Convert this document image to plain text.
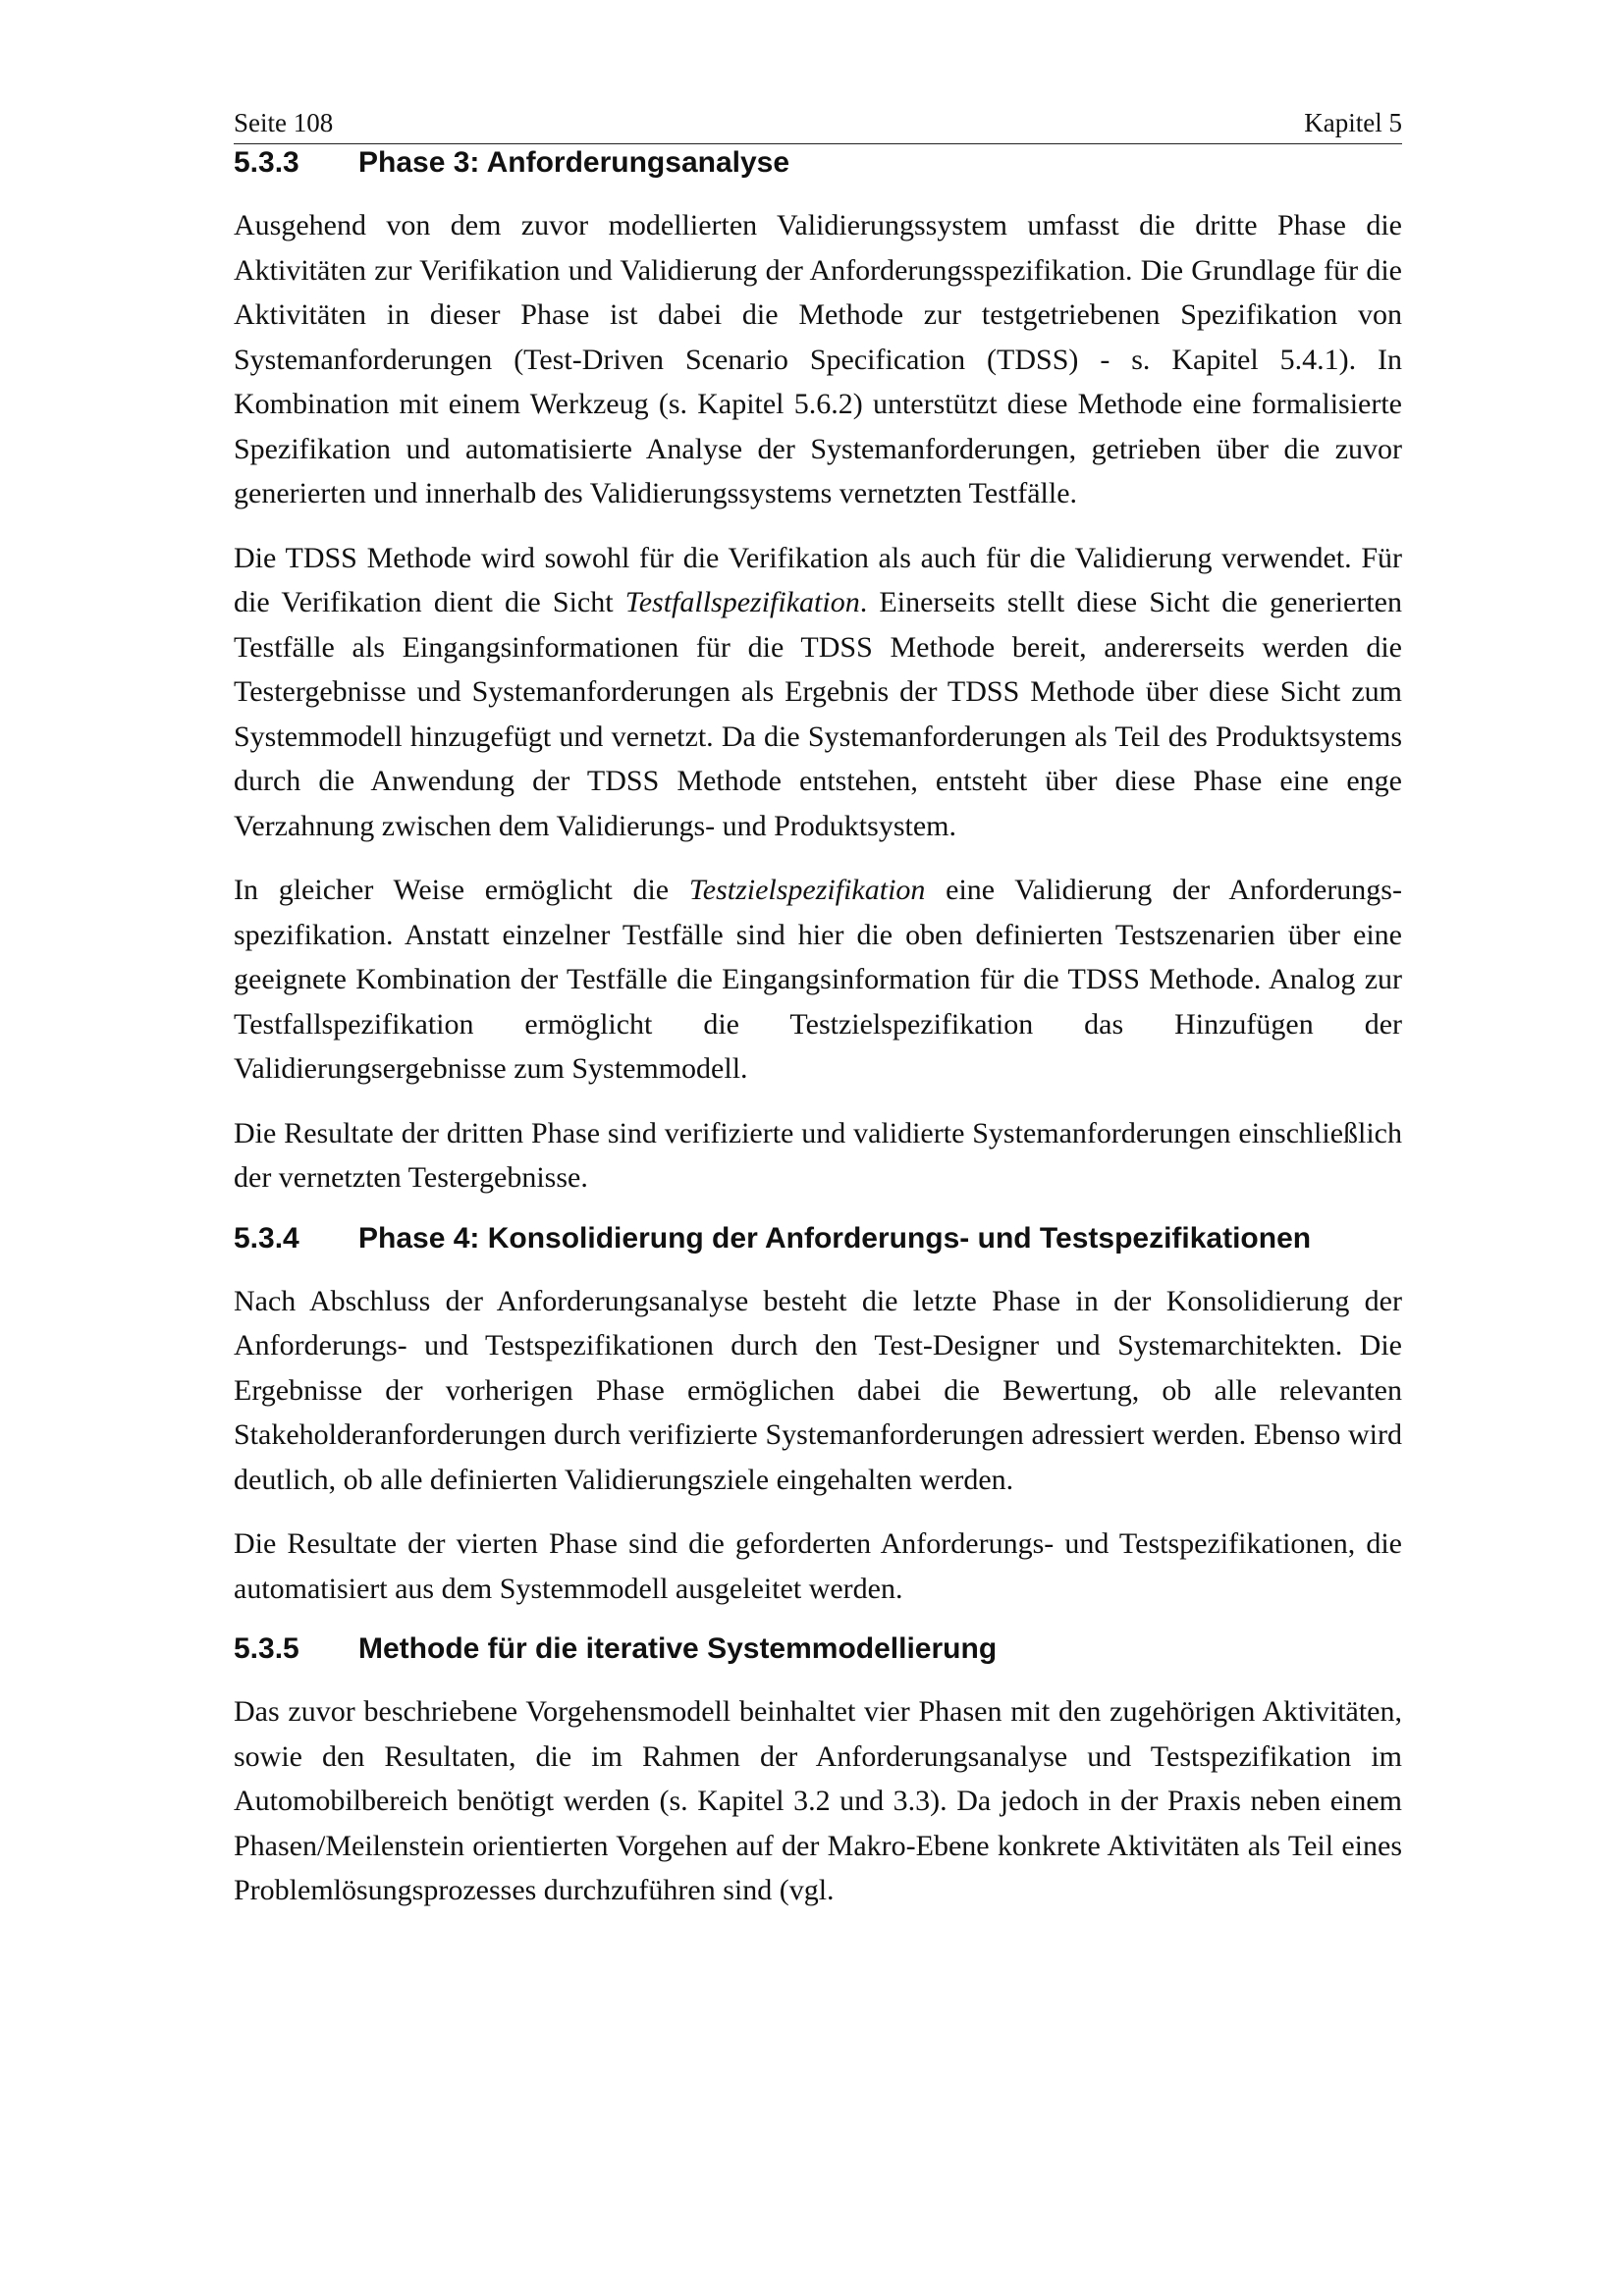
Seite 108	Kapitel 5
5.3.3	Phase 3: Anforderungsanalyse

Ausgehend von dem zuvor modellierten Validierungssystem umfasst die dritte Phase die Aktivitäten zur Verifikation und Validierung der Anforderungsspezifikation. Die Grundlage für die Aktivitäten in dieser Phase ist dabei die Methode zur testgetriebenen Spezifikation von Systemanforderungen (Test-Driven Scenario Specification (TDSS) - s. Kapitel 5.4.1). In Kombination mit einem Werkzeug (s. Kapitel 5.6.2) unterstützt diese Methode eine formalisierte Spezifikation und automatisierte Analyse der Systemanforderungen, getrieben über die zuvor generierten und innerhalb des Validierungssystems vernetzten Testfälle.

Die TDSS Methode wird sowohl für die Verifikation als auch für die Validierung verwendet. Für die Verifikation dient die Sicht Testfallspezifikation. Einerseits stellt diese Sicht die generierten Testfälle als Eingangsinformationen für die TDSS Methode bereit, andererseits werden die Testergebnisse und Systemanforderungen als Ergebnis der TDSS Methode über diese Sicht zum Systemmodell hinzugefügt und vernetzt. Da die Systemanforderungen als Teil des Produktsystems durch die Anwendung der TDSS Methode entstehen, entsteht über diese Phase eine enge Verzahnung zwischen dem Validierungs- und Produktsystem.

In gleicher Weise ermöglicht die Testzielspezifikation eine Validierung der Anforderungsspezifikation. Anstatt einzelner Testfälle sind hier die oben definierten Testszenarien über eine geeignete Kombination der Testfälle die Eingangsinformation für die TDSS Methode. Analog zur Testfallspezifikation ermöglicht die Testzielspezifikation das Hinzufügen der Validierungsergebnisse zum Systemmodell.

Die Resultate der dritten Phase sind verifizierte und validierte Systemanforderungen einschließlich der vernetzten Testergebnisse.

5.3.4	Phase 4: Konsolidierung der Anforderungs- und Testspezifikationen

Nach Abschluss der Anforderungsanalyse besteht die letzte Phase in der Konsolidierung der Anforderungs- und Testspezifikationen durch den Test-Designer und Systemarchitekten. Die Ergebnisse der vorherigen Phase ermöglichen dabei die Bewertung, ob alle relevanten Stakeholderanforderungen durch verifizierte Systemanforderungen adressiert werden. Ebenso wird deutlich, ob alle definierten Validierungsziele eingehalten werden.

Die Resultate der vierten Phase sind die geforderten Anforderungs- und Testspezifikationen, die automatisiert aus dem Systemmodell ausgeleitet werden.

5.3.5	Methode für die iterative Systemmodellierung

Das zuvor beschriebene Vorgehensmodell beinhaltet vier Phasen mit den zugehörigen Aktivitäten, sowie den Resultaten, die im Rahmen der Anforderungsanalyse und Testspezifikation im Automobilbereich benötigt werden (s. Kapitel 3.2 und 3.3). Da jedoch in der Praxis neben einem Phasen/Meilenstein orientierten Vorgehen auf der Makro-Ebene konkrete Aktivitäten als Teil eines Problemlösungsprozesses durchzuführen sind (vgl.
